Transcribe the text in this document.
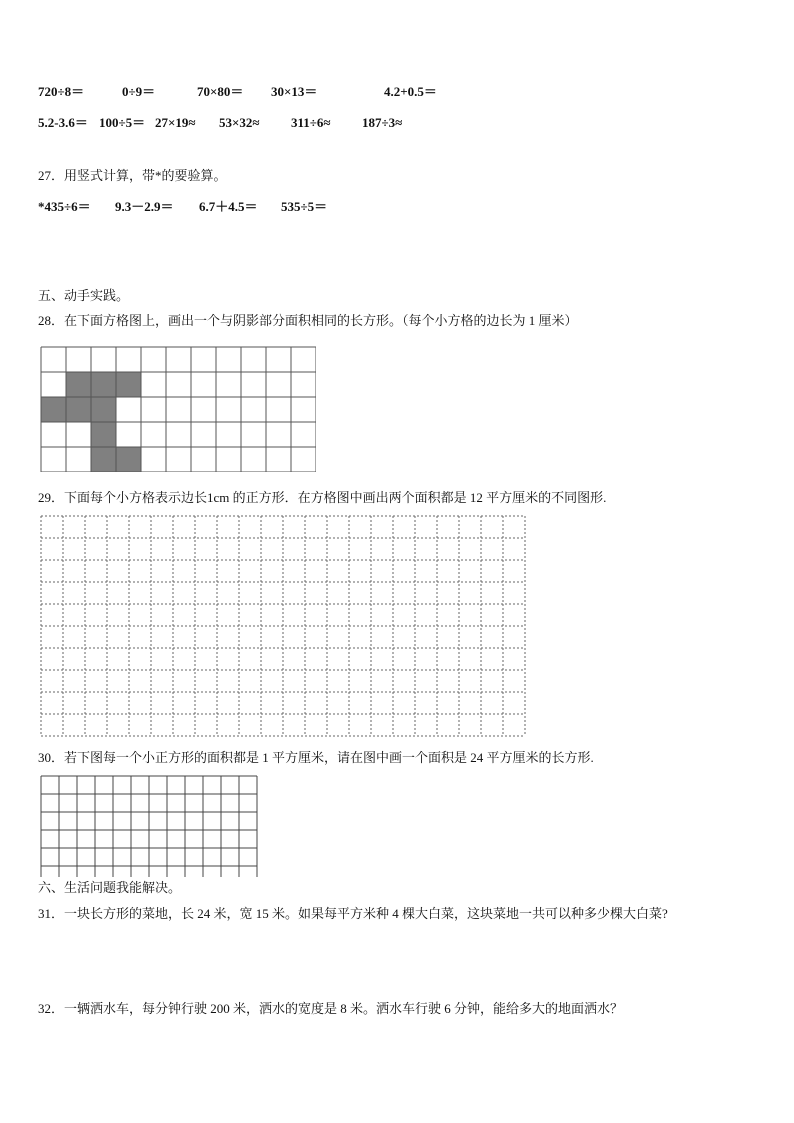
720÷8＝	0÷9＝	70×80＝ 30×13＝	4.2+0.5＝
5.2-3.6＝ 100÷5＝ 27×19≈ 53×32≈ 311÷6≈ 187÷3≈
27．用竖式计算，带*的要验算。
*435÷6＝ 9.3－2.9＝ 6.7＋4.5＝ 535÷5＝
五、动手实践。
28．在下面方格图上，画出一个与阴影部分面积相同的长方形。（每个小方格的边长为 1 厘米）
29．下面每个小方格表示边长1cm 的正方形．在方格图中画出两个面积都是 12 平方厘米的不同图形.
30．若下图每一个小正方形的面积都是 1 平方厘米，请在图中画一个面积是 24 平方厘米的长方形.
六、生活问题我能解决。
31．一块长方形的菜地，长 24 米，宽 15 米。如果每平方米种 4 棵大白菜，这块菜地一共可以种多少棵大白菜?
32．一辆洒水车，每分钟行驶 200 米，洒水的宽度是 8 米。洒水车行驶 6 分钟，能给多大的地面洒水？
